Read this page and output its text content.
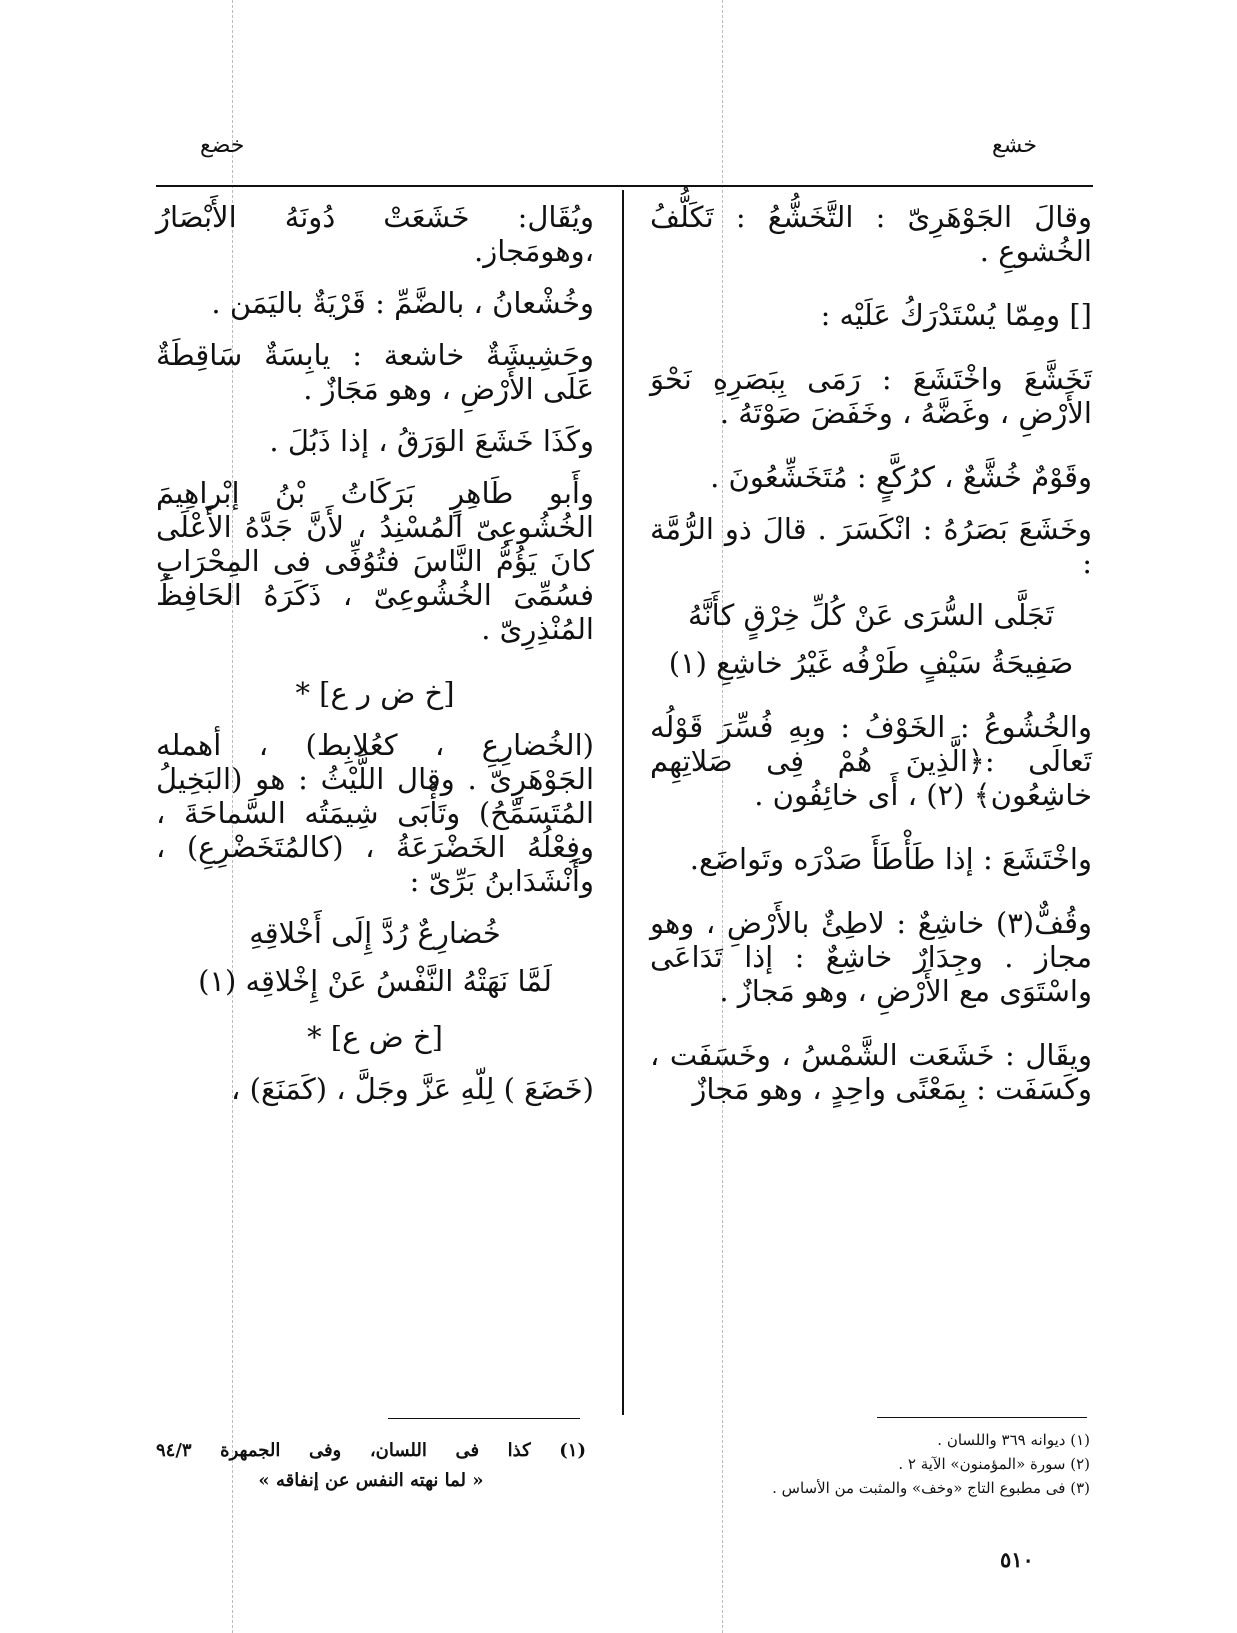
خشع
خضع

وقالَ الجَوْهَرِىّ : التَّخَشُّعُ : تَكَلُّفُ الخُشوعِ .

[] ومِمّا يُسْتَدْرَكُ عَلَيْه :

تَخَشَّعَ واخْتَشَعَ : رَمَى بِبَصَرِهِ نَحْوَ الأَرْضِ ، وغَضَّهُ ، وخَفَضَ صَوْتَهُ .

وقَوْمٌ خُشَّعٌ ، كرُكَّعٍ : مُتَخَشِّعُونَ .

وخَشَعَ بَصَرُهُ : انْكَسَرَ . قالَ ذو الرُّمَّة :

تَجَلَّى السُّرَى عَنْ كُلِّ خِرْقٍ كأَنَّهُ

صَفِيحَةُ سَيْفٍ طَرْفُه غَيْرُ خاشِعِ (١)

والخُشُوعُ : الخَوْفُ : وبِهِ فُسِّرَ قَوْلُه تَعالَى :﴿الَّذِينَ هُمْ فِى صَلاتِهِم خاشِعُون﴾ (٢) ، أَى خائِفُون .

واخْتَشَعَ : إذا طَأْطَأَ صَدْرَه وتَواضَع.

وقُفٌّ(٣) خاشِعٌ : لاطِئٌ بالأَرْضِ ، وهو مجاز . وجِدَارٌ خاشِعٌ : إذا تَدَاعَى واسْتَوَى مع الأَرْضِ ، وهو مَجازٌ .

ويقَال : خَشَعَت الشَّمْسُ ، وخَسَفَت ، وكَسَفَت : بِمَعْنًى واحِدٍ ، وهو مَجازٌ

ويُقَال: خَشَعَتْ دُونَهُ الأَبْصَارُ ،وهومَجاز.

وخُشْعانُ ، بالضَّمِّ : قَرْيَةٌ باليَمَن .

وحَشِيشَةٌ خاشعة : يابِسَةٌ سَاقِطَةٌ عَلَى الأَرْضِ ، وهو مَجَازٌ .

وكَذَا خَشَعَ الوَرَقُ ، إذا ذَبُلَ .

وأَبو طَاهِرٍ بَرَكَاتُ بْنُ إبْراهِيمَ الخُشُوعِىّ المُسْنِدُ ، لأَنَّ جَدَّهُ الأَعْلَى كانَ يَؤُمُّ النَّاسَ فتُوُفِّى فى المِحْرَابِ فسُمِّىَ الخُشُوعِىّ ، ذَكَرَهُ الحَافِظُ المُنْذِرِىّ .

[خ ض ر ع] *

(الخُضارِعِ ، كعُلابِط) ، أهمله الجَوْهَرِىّ . وقال اللَّيْثُ : هو (البَخِيلُ المُتَسَمِّحُ) وتَأْبَى شِيمَتُه السَّماحَةَ ، وفِعْلُهُ الخَضْرَعَةُ ، (كالمُتَخَضْرِعِ) ، وأَنْشَدَابنُ بَرِّىّ :

خُضارِعٌ رُدَّ إِلَى أَخْلاقِهِ

لَمَّا نَهَتْهُ النَّفْسُ عَنْ إِخْلاقِه (١)

[خ ض ع] *

(خَضَعَ ) لِلّهِ عَزَّ وجَلَّ ، (كَمَنَعَ) ،

(١) ديوانه ٣٦٩ واللسان .

(٢) سورة «المؤمنون» الآية ٢ .

(٣) فى مطبوع التاج «وخف» والمثبت من الأساس .

(١) كذا فى اللسان، وفى الجمهرة ٩٤/٣

« لما نهته النفس عن إنفاقه »

٥١٠
